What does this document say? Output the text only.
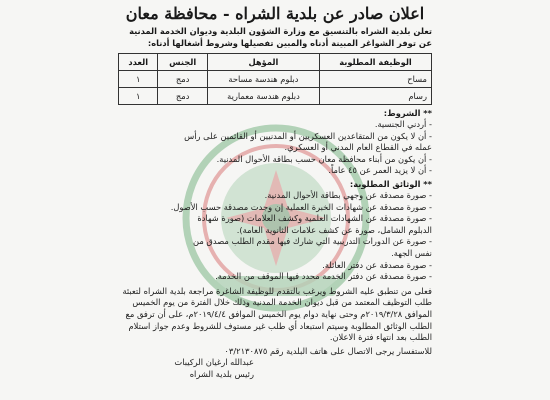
اعلان صادر عن بلدية الشراه - محافظة معان

تعلن بلدية الشراه بالتنسيق مع وزارة الشؤون البلدية وديوان الخدمة المدنية عن توفر الشواغر المبينة أدناه والمبين تفصيلها وشروط أشغالها أدناه:

الوظيفة المطلوبة	المؤهل	الجنس	العدد
مساح	دبلوم هندسة مساحة	دمج	١
رسام	دبلوم هندسة معمارية	دمج	١
** الشروط:
- أردني الجنسية.
- أن لا يكون من المتقاعدين العسكريين أو المدنيين أو القائمين على رأس
عمله في القطاع العام المدني أو العسكري.
- أن يكون من أبناء محافظة معان حسب بطاقة الأحوال المدنية.
- أن لا يزيد العمر عن ٤٥ عاماً.
** الوثائق المطلوبة:
- صورة مصدقة عن وجهي بطاقة الأحوال المدنية.
- صورة مصدقة عن شهادات الخبرة العملية إن وجدت مصدقة حسب الأصول.
- صورة مصدقة عن الشهادات العلمية وكشف العلامات (صورة شهادة
الدبلوم الشامل، صورة عن كشف علامات الثانوية العامة).
- صورة عن الدورات التدريبية التي شارك فيها مقدم الطلب مصدق من
نفس الجهة.
- صورة مصدقة عن دفتر العائلة.
- صورة مصدقة عن دفتر الخدمة محدد فيها الموقف من الخدمة.

فعلى من تنطبق عليه الشروط ويرغب بالتقدم للوظيفة الشاغرة مراجعة بلدية الشراه لتعبئة طلب التوظيف المعتمد من قبل ديوان الخدمة المدنية وذلك خلال الفترة من يوم الخميس الموافق ٢٠١٩/٣/٢٨م وحتى نهاية دوام يوم الخميس الموافق ٢٠١٩/٤/٤م، على أن ترفق مع الطلب الوثائق المطلوبة وسيتم استبعاد أي طلب غير مستوف للشروط وعدم جواز استلام الطلب بعد انتهاء فترة الاعلان.

للاستفسار يرجى الاتصال على هاتف البلدية رقم ٠٣/٢١٣٠٨٧٥
عبدالله ارغيان الركيبات
رئيس بلدية الشراه
